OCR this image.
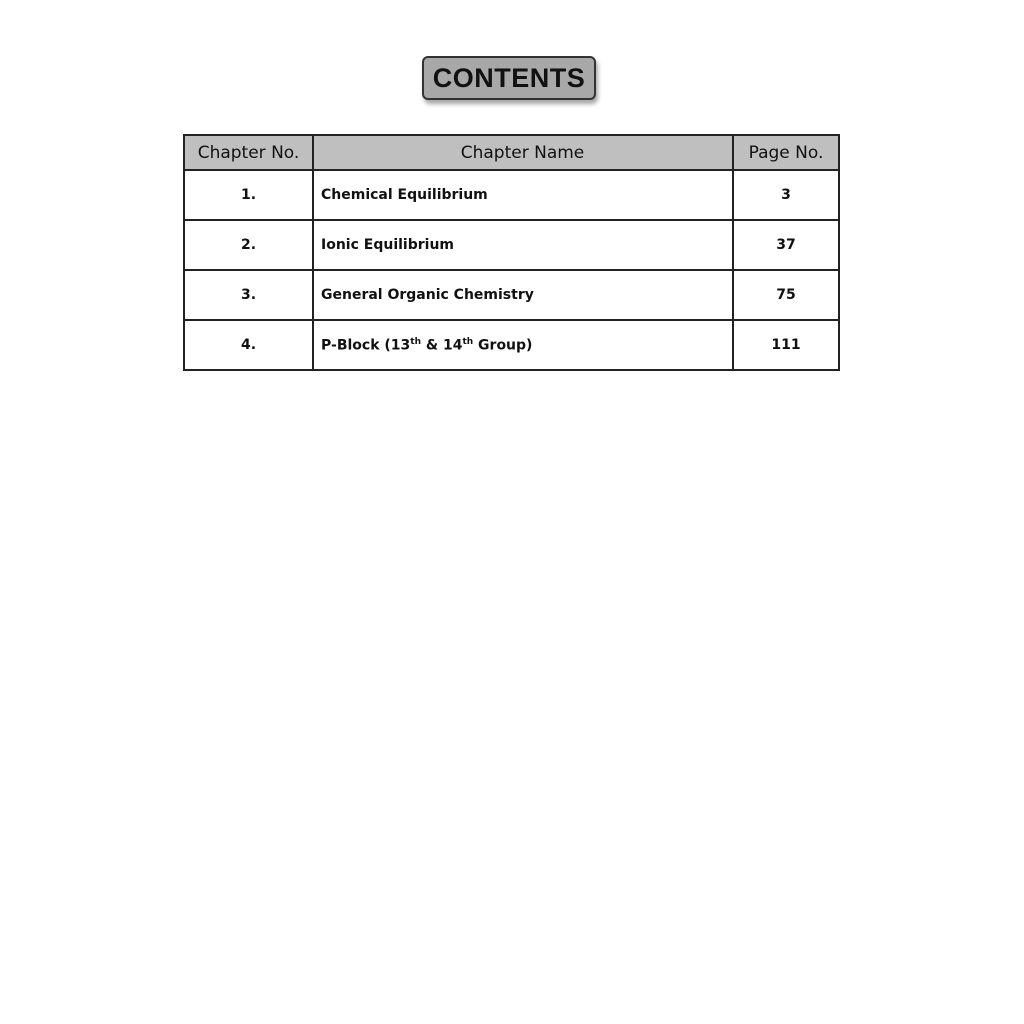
CONTENTS
Chapter No.	Chapter Name	Page No.
1.	Chemical Equilibrium	3
2.	Ionic Equilibrium	37
3.	General Organic Chemistry	75
4.	P-Block (13th & 14th Group)	111
